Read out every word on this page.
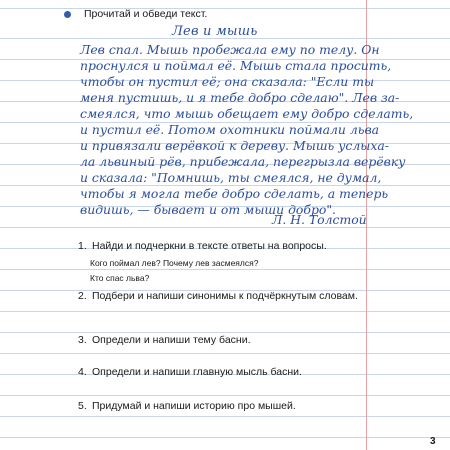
Прочитай и обведи текст.
Лев и мышь
Лев спал. Мышь пробежала ему по телу. Он
проснулся и поймал её. Мышь стала просить,
чтобы он пустил её; она сказала: "Если ты
меня пустишь, и я тебе добро сделаю". Лев за-
смеялся, что мышь обещает ему добро сделать,
и пустил её. Потом охотники поймали льва
и привязали верёвкой к дереву. Мышь услыха-
ла львиный рёв, прибежала, перегрызла верёвку
и сказала: "Помнишь, ты смеялся, не думал,
чтобы я могла тебе добро сделать, а теперь
видишь, — бывает и от мыши добро".
Л. Н. Толстой
1. Найди и подчеркни в тексте ответы на вопросы.
Кого поймал лев? Почему лев засмеялся?
Кто спас льва?
2. Подбери и напиши синонимы к подчёркнутым словам.
3. Определи и напиши тему басни.
4. Определи и напиши главную мысль басни.
5. Придумай и напиши историю про мышей.
3
